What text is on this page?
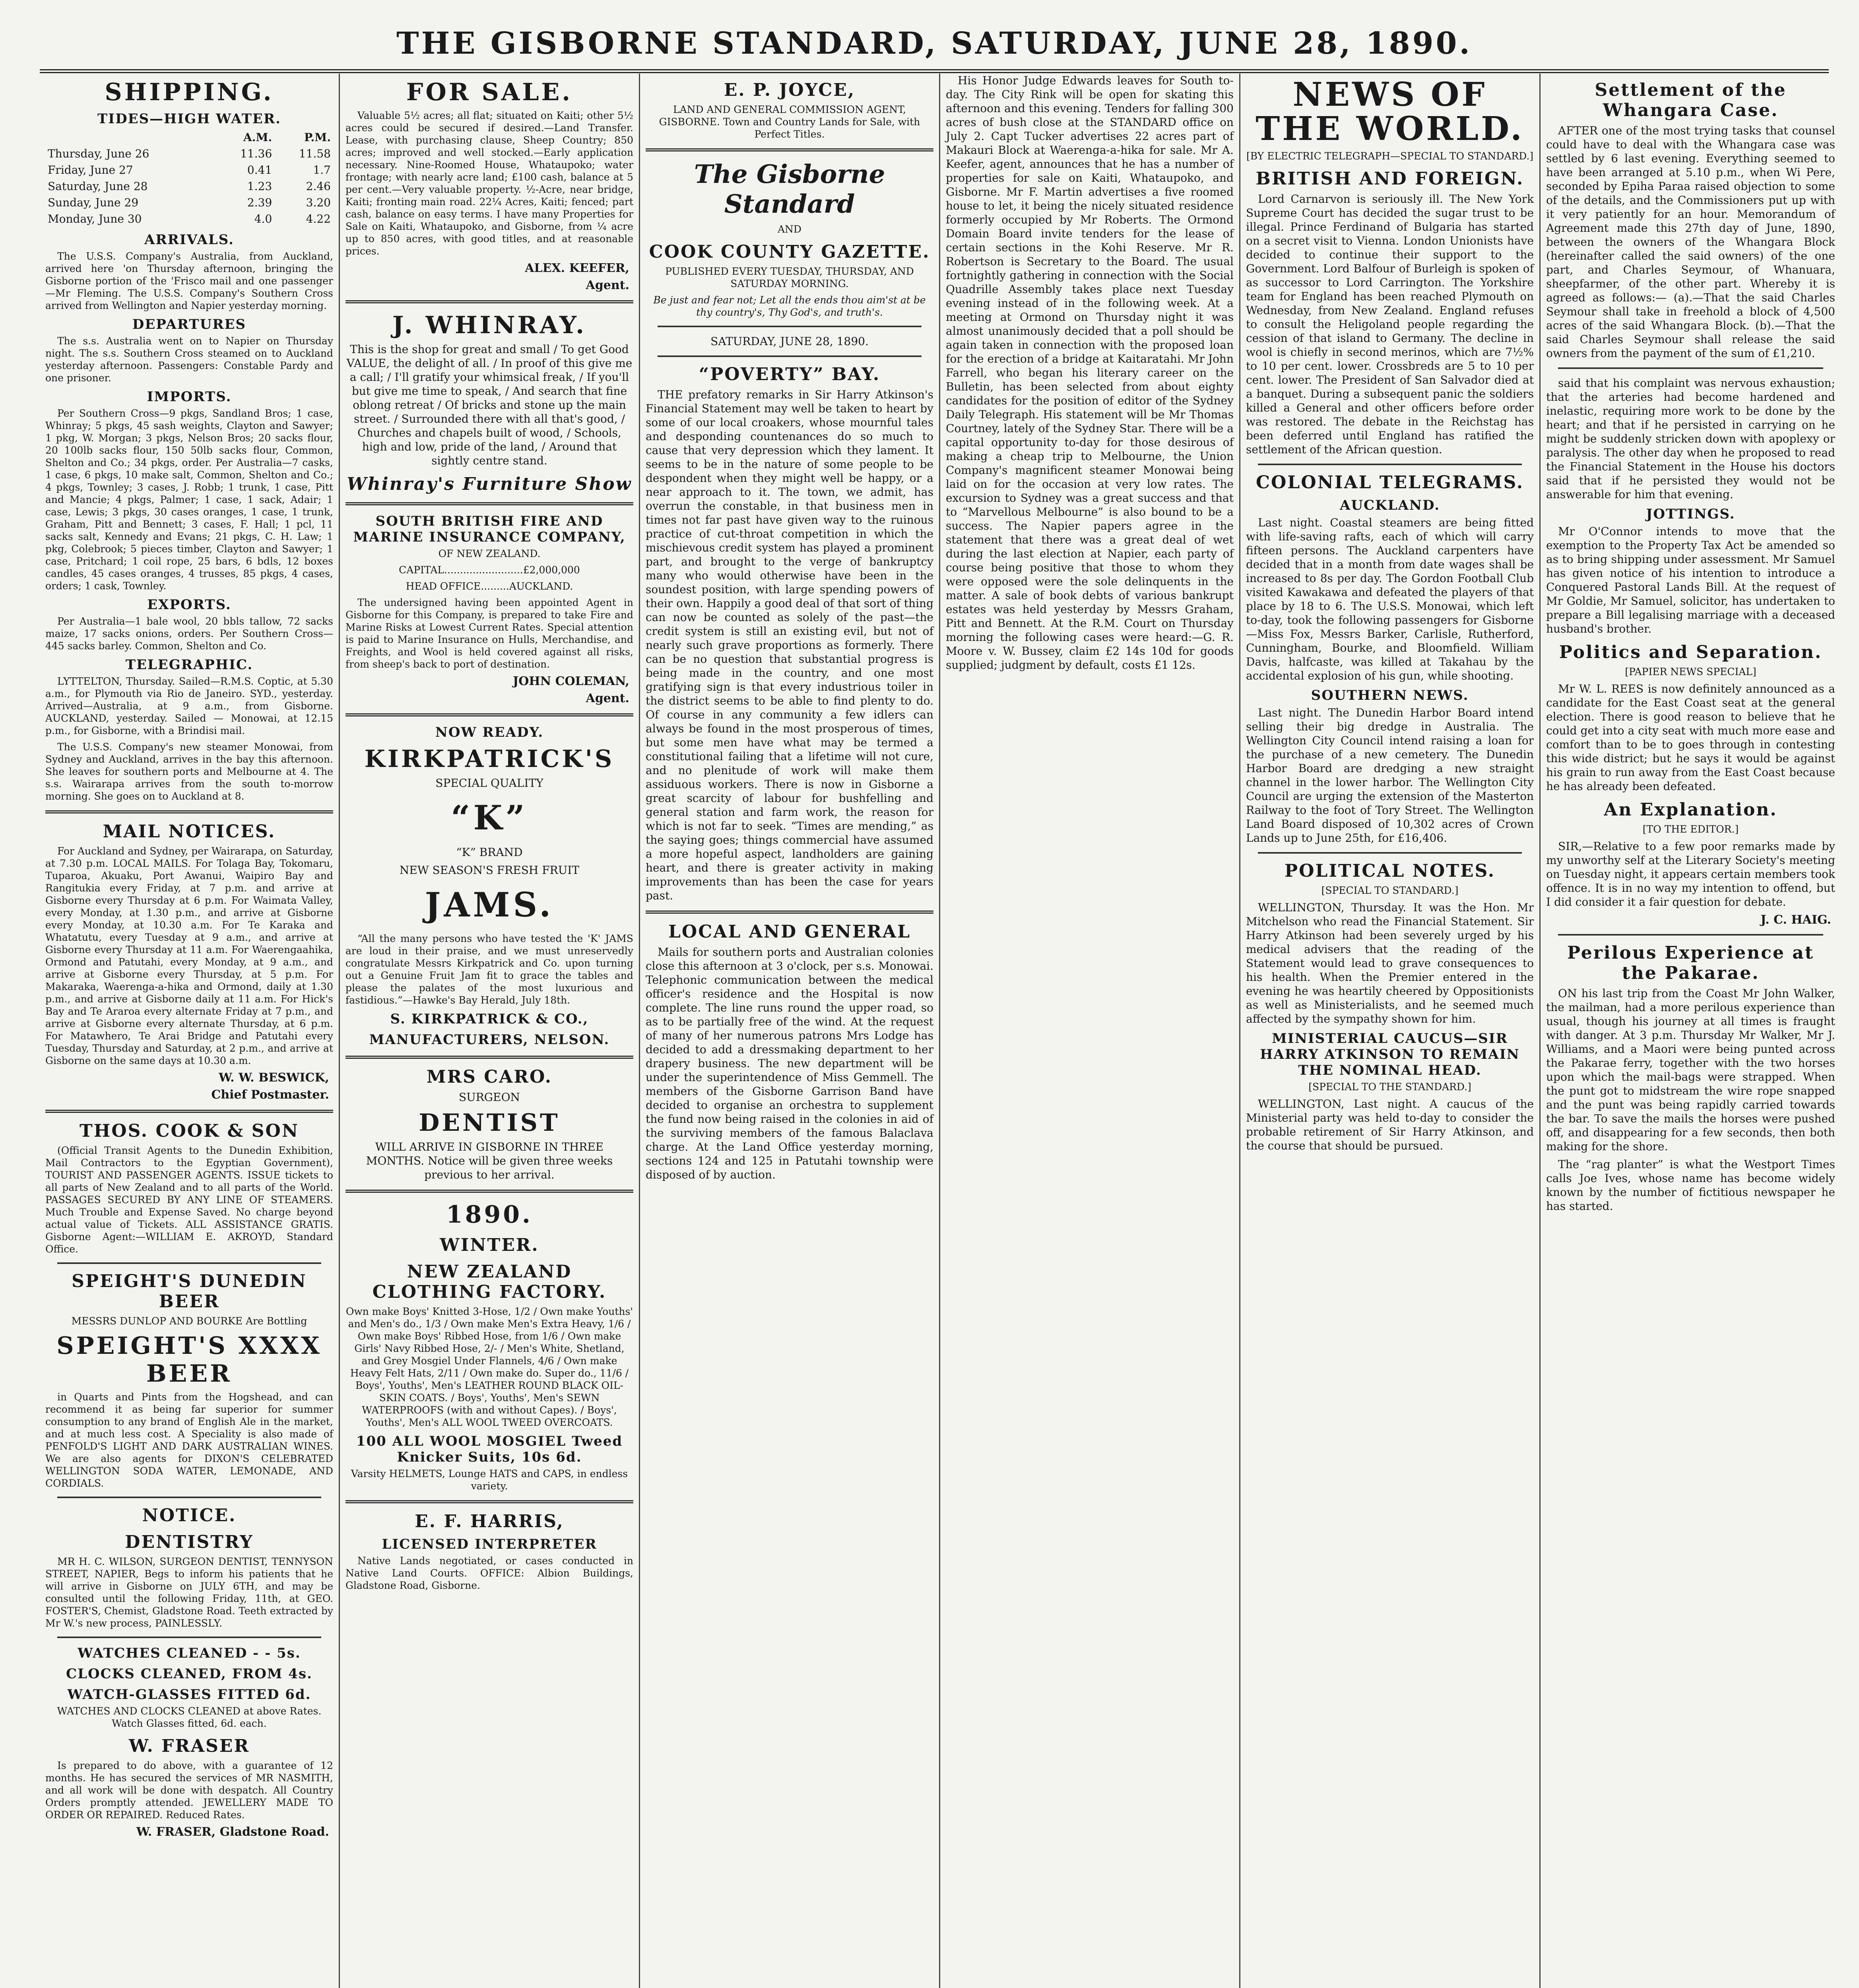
THE GISBORNE STANDARD, SATURDAY, JUNE 28, 1890.
SHIPPING.
TIDES—HIGH WATER.
	A.M.	P.M.
Thursday, June 26	11.36	11.58
Friday, June 27	0.41	1.7
Saturday, June 28	1.23	2.46
Sunday, June 29	2.39	3.20
Monday, June 30	4.0	4.22
ARRIVALS.

The U.S.S. Company's Australia, from Auckland, arrived here 'on Thursday afternoon, bringing the Gisborne portion of the 'Frisco mail and one passenger—Mr Fleming. The U.S.S. Company's Southern Cross arrived from Wellington and Napier yesterday morning.

DEPARTURES

The s.s. Australia went on to Napier on Thursday night. The s.s. Southern Cross steamed on to Auckland yesterday afternoon. Passengers: Constable Pardy and one prisoner.

IMPORTS.

Per Southern Cross—9 pkgs, Sandland Bros; 1 case, Whinray; 5 pkgs, 45 sash weights, Clayton and Sawyer; 1 pkg, W. Morgan; 3 pkgs, Nelson Bros; 20 sacks flour, 20 100lb sacks flour, 150 50lb sacks flour, Common, Shelton and Co.; 34 pkgs, order. Per Australia—7 casks, 1 case, 6 pkgs, 10 make salt, Common, Shelton and Co.; 4 pkgs, Townley; 3 cases, J. Robb; 1 trunk, 1 case, Pitt and Mancie; 4 pkgs, Palmer; 1 case, 1 sack, Adair; 1 case, Lewis; 3 pkgs, 30 cases oranges, 1 case, 1 trunk, Graham, Pitt and Bennett; 3 cases, F. Hall; 1 pcl, 11 sacks salt, Kennedy and Evans; 21 pkgs, C. H. Law; 1 pkg, Colebrook; 5 pieces timber, Clayton and Sawyer; 1 case, Pritchard; 1 coil rope, 25 bars, 6 bdls, 12 boxes candles, 45 cases oranges, 4 trusses, 85 pkgs, 4 cases, orders; 1 cask, Townley.

EXPORTS.

Per Australia—1 bale wool, 20 bbls tallow, 72 sacks maize, 17 sacks onions, orders. Per Southern Cross—445 sacks barley. Common, Shelton and Co.

TELEGRAPHIC.

LYTTELTON, Thursday. Sailed—R.M.S. Coptic, at 5.30 a.m., for Plymouth via Rio de Janeiro. SYD., yesterday. Arrived—Australia, at 9 a.m., from Gisborne. AUCKLAND, yesterday. Sailed — Monowai, at 12.15 p.m., for Gisborne, with a Brindisi mail.

The U.S.S. Company's new steamer Monowai, from Sydney and Auckland, arrives in the bay this afternoon. She leaves for southern ports and Melbourne at 4. The s.s. Wairarapa arrives from the south to-morrow morning. She goes on to Auckland at 8.

MAIL NOTICES.

For Auckland and Sydney, per Wairarapa, on Saturday, at 7.30 p.m. LOCAL MAILS. For Tolaga Bay, Tokomaru, Tuparoa, Akuaku, Port Awanui, Waipiro Bay and Rangitukia every Friday, at 7 p.m. and arrive at Gisborne every Thursday at 6 p.m. For Waimata Valley, every Monday, at 1.30 p.m., and arrive at Gisborne every Monday, at 10.30 a.m. For Te Karaka and Whatatutu, every Tuesday at 9 a.m., and arrive at Gisborne every Thursday at 11 a.m. For Waerengaahika, Ormond and Patutahi, every Monday, at 9 a.m., and arrive at Gisborne every Thursday, at 5 p.m. For Makaraka, Waerenga-a-hika and Ormond, daily at 1.30 p.m., and arrive at Gisborne daily at 11 a.m. For Hick's Bay and Te Araroa every alternate Friday at 7 p.m., and arrive at Gisborne every alternate Thursday, at 6 p.m. For Matawhero, Te Arai Bridge and Patutahi every Tuesday, Thursday and Saturday, at 2 p.m., and arrive at Gisborne on the same days at 10.30 a.m.

W. W. BESWICK,
Chief Postmaster.
THOS. COOK & SON

(Official Transit Agents to the Dunedin Exhibition, Mail Contractors to the Egyptian Government), TOURIST AND PASSENGER AGENTS. ISSUE tickets to all parts of New Zealand and to all parts of the World. PASSAGES SECURED BY ANY LINE OF STEAMERS. Much Trouble and Expense Saved. No charge beyond actual value of Tickets. ALL ASSISTANCE GRATIS. Gisborne Agent:—WILLIAM E. AKROYD, Standard Office.

SPEIGHT'S DUNEDIN BEER

MESSRS DUNLOP AND BOURKE Are Bottling

SPEIGHT'S XXXX BEER

in Quarts and Pints from the Hogshead, and can recommend it as being far superior for summer consumption to any brand of English Ale in the market, and at much less cost. A Speciality is also made of PENFOLD'S LIGHT AND DARK AUSTRALIAN WINES. We are also agents for DIXON'S CELEBRATED WELLINGTON SODA WATER, LEMONADE, AND CORDIALS.

NOTICE.
DENTISTRY

MR H. C. WILSON, SURGEON DENTIST, TENNYSON STREET, NAPIER, Begs to inform his patients that he will arrive in Gisborne on JULY 6TH, and may be consulted until the following Friday, 11th, at GEO. FOSTER'S, Chemist, Gladstone Road. Teeth extracted by Mr W.'s new process, PAINLESSLY.

WATCHES CLEANED - - 5s.
CLOCKS CLEANED, FROM 4s.
WATCH-GLASSES FITTED 6d.

WATCHES AND CLOCKS CLEANED at above Rates. Watch Glasses fitted, 6d. each.

W. FRASER

Is prepared to do above, with a guarantee of 12 months. He has secured the services of MR NASMITH, and all work will be done with despatch. All Country Orders promptly attended. JEWELLERY MADE TO ORDER OR REPAIRED. Reduced Rates.

W. FRASER, Gladstone Road.
FOR SALE.

Valuable 5½ acres; all flat; situated on Kaiti; other 5½ acres could be secured if desired.—Land Transfer. Lease, with purchasing clause, Sheep Country; 850 acres; improved and well stocked.—Early application necessary. Nine-Roomed House, Whataupoko; water frontage; with nearly acre land; £100 cash, balance at 5 per cent.—Very valuable property. ½-Acre, near bridge, Kaiti; fronting main road. 22¼ Acres, Kaiti; fenced; part cash, balance on easy terms. I have many Properties for Sale on Kaiti, Whataupoko, and Gisborne, from ¼ acre up to 850 acres, with good titles, and at reasonable prices.

ALEX. KEEFER,
Agent.
J. WHINRAY.

This is the shop for great and small / To get Good VALUE, the delight of all. / In proof of this give me a call; / I'll gratify your whimsical freak, / If you'll but give me time to speak, / And search that fine oblong retreat / Of bricks and stone up the main street. / Surrounded there with all that's good, / Churches and chapels built of wood, / Schools, high and low, pride of the land, / Around that sightly centre stand.

Whinray's Furniture Show
SOUTH BRITISH FIRE AND MARINE INSURANCE COMPANY,

OF NEW ZEALAND.

CAPITAL.........................£2,000,000

HEAD OFFICE.........AUCKLAND.

The undersigned having been appointed Agent in Gisborne for this Company, is prepared to take Fire and Marine Risks at Lowest Current Rates. Special attention is paid to Marine Insurance on Hulls, Merchandise, and Freights, and Wool is held covered against all risks, from sheep's back to port of destination.

JOHN COLEMAN,
Agent.
NOW READY.
KIRKPATRICK'S

SPECIAL QUALITY

“K”

“K” BRAND

NEW SEASON'S FRESH FRUIT

JAMS.

“All the many persons who have tested the 'K' JAMS are loud in their praise, and we must unreservedly congratulate Messrs Kirkpatrick and Co. upon turning out a Genuine Fruit Jam fit to grace the tables and please the palates of the most luxurious and fastidious.”—Hawke's Bay Herald, July 18th.

S. KIRKPATRICK & CO.,
MANUFACTURERS, NELSON.
MRS CARO.

SURGEON

DENTIST

WILL ARRIVE IN GISBORNE IN THREE MONTHS. Notice will be given three weeks previous to her arrival.

1890.
WINTER.
NEW ZEALAND CLOTHING FACTORY.

Own make Boys' Knitted 3-Hose, 1/2 / Own make Youths' and Men's do., 1/3 / Own make Men's Extra Heavy, 1/6 / Own make Boys' Ribbed Hose, from 1/6 / Own make Girls' Navy Ribbed Hose, 2/- / Men's White, Shetland, and Grey Mosgiel Under Flannels, 4/6 / Own make Heavy Felt Hats, 2/11 / Own make do. Super do., 11/6 / Boys', Youths', Men's LEATHER ROUND BLACK OIL-SKIN COATS. / Boys', Youths', Men's SEWN WATERPROOFS (with and without Capes). / Boys', Youths', Men's ALL WOOL TWEED OVERCOATS.

100 ALL WOOL MOSGIEL Tweed Knicker Suits, 10s 6d.

Varsity HELMETS, Lounge HATS and CAPS, in endless variety.

E. F. HARRIS,
LICENSED INTERPRETER

Native Lands negotiated, or cases conducted in Native Land Courts. OFFICE: Albion Buildings, Gladstone Road, Gisborne.

E. P. JOYCE,

LAND AND GENERAL COMMISSION AGENT, GISBORNE. Town and Country Lands for Sale, with Perfect Titles.

The Gisborne Standard

AND

COOK COUNTY GAZETTE.

PUBLISHED EVERY TUESDAY, THURSDAY, AND SATURDAY MORNING.

Be just and fear not; Let all the ends thou aim'st at be thy country's, Thy God's, and truth's.

SATURDAY, JUNE 28, 1890.

“POVERTY” BAY.

THE prefatory remarks in Sir Harry Atkinson's Financial Statement may well be taken to heart by some of our local croakers, whose mournful tales and desponding countenances do so much to cause that very depression which they lament. It seems to be in the nature of some people to be despondent when they might well be happy, or a near approach to it. The town, we admit, has overrun the constable, in that business men in times not far past have given way to the ruinous practice of cut-throat competition in which the mischievous credit system has played a prominent part, and brought to the verge of bankruptcy many who would otherwise have been in the soundest position, with large spending powers of their own. Happily a good deal of that sort of thing can now be counted as solely of the past—the credit system is still an existing evil, but not of nearly such grave proportions as formerly. There can be no question that substantial progress is being made in the country, and one most gratifying sign is that every industrious toiler in the district seems to be able to find plenty to do. Of course in any community a few idlers can always be found in the most prosperous of times, but some men have what may be termed a constitutional failing that a lifetime will not cure, and no plenitude of work will make them assiduous workers. There is now in Gisborne a great scarcity of labour for bushfelling and general station and farm work, the reason for which is not far to seek. “Times are mending,” as the saying goes; things commercial have assumed a more hopeful aspect, landholders are gaining heart, and there is greater activity in making improvements than has been the case for years past.

LOCAL AND GENERAL

Mails for southern ports and Australian colonies close this afternoon at 3 o'clock, per s.s. Monowai. Telephonic communication between the medical officer's residence and the Hospital is now complete. The line runs round the upper road, so as to be partially free of the wind. At the request of many of her numerous patrons Mrs Lodge has decided to add a dressmaking department to her drapery business. The new department will be under the superintendence of Miss Gemmell. The members of the Gisborne Garrison Band have decided to organise an orchestra to supplement the fund now being raised in the colonies in aid of the surviving members of the famous Balaclava charge. At the Land Office yesterday morning, sections 124 and 125 in Patutahi township were disposed of by auction.

His Honor Judge Edwards leaves for South to-day. The City Rink will be open for skating this afternoon and this evening. Tenders for falling 300 acres of bush close at the STANDARD office on July 2. Capt Tucker advertises 22 acres part of Makauri Block at Waerenga-a-hika for sale. Mr A. Keefer, agent, announces that he has a number of properties for sale on Kaiti, Whataupoko, and Gisborne. Mr F. Martin advertises a five roomed house to let, it being the nicely situated residence formerly occupied by Mr Roberts. The Ormond Domain Board invite tenders for the lease of certain sections in the Kohi Reserve. Mr R. Robertson is Secretary to the Board. The usual fortnightly gathering in connection with the Social Quadrille Assembly takes place next Tuesday evening instead of in the following week. At a meeting at Ormond on Thursday night it was almost unanimously decided that a poll should be again taken in connection with the proposed loan for the erection of a bridge at Kaitaratahi. Mr John Farrell, who began his literary career on the Bulletin, has been selected from about eighty candidates for the position of editor of the Sydney Daily Telegraph. His statement will be Mr Thomas Courtney, lately of the Sydney Star. There will be a capital opportunity to-day for those desirous of making a cheap trip to Melbourne, the Union Company's magnificent steamer Monowai being laid on for the occasion at very low rates. The excursion to Sydney was a great success and that to “Marvellous Melbourne” is also bound to be a success. The Napier papers agree in the statement that there was a great deal of wet during the last election at Napier, each party of course being positive that those to whom they were opposed were the sole delinquents in the matter. A sale of book debts of various bankrupt estates was held yesterday by Messrs Graham, Pitt and Bennett. At the R.M. Court on Thursday morning the following cases were heard:—G. R. Moore v. W. Bussey, claim £2 14s 10d for goods supplied; judgment by default, costs £1 12s.

NEWS OF THE WORLD.

[BY ELECTRIC TELEGRAPH—SPECIAL TO STANDARD.]

BRITISH AND FOREIGN.

Lord Carnarvon is seriously ill. The New York Supreme Court has decided the sugar trust to be illegal. Prince Ferdinand of Bulgaria has started on a secret visit to Vienna. London Unionists have decided to continue their support to the Government. Lord Balfour of Burleigh is spoken of as successor to Lord Carrington. The Yorkshire team for England has been reached Plymouth on Wednesday, from New Zealand. England refuses to consult the Heligoland people regarding the cession of that island to Germany. The decline in wool is chiefly in second merinos, which are 7½% to 10 per cent. lower. Crossbreds are 5 to 10 per cent. lower. The President of San Salvador died at a banquet. During a subsequent panic the soldiers killed a General and other officers before order was restored. The debate in the Reichstag has been deferred until England has ratified the settlement of the African question.

COLONIAL TELEGRAMS.
AUCKLAND.

Last night. Coastal steamers are being fitted with life-saving rafts, each of which will carry fifteen persons. The Auckland carpenters have decided that in a month from date wages shall be increased to 8s per day. The Gordon Football Club visited Kawakawa and defeated the players of that place by 18 to 6. The U.S.S. Monowai, which left to-day, took the following passengers for Gisborne—Miss Fox, Messrs Barker, Carlisle, Rutherford, Cunningham, Bourke, and Bloomfield. William Davis, halfcaste, was killed at Takahau by the accidental explosion of his gun, while shooting.

SOUTHERN NEWS.

Last night. The Dunedin Harbor Board intend selling their big dredge in Australia. The Wellington City Council intend raising a loan for the purchase of a new cemetery. The Dunedin Harbor Board are dredging a new straight channel in the lower harbor. The Wellington City Council are urging the extension of the Masterton Railway to the foot of Tory Street. The Wellington Land Board disposed of 10,302 acres of Crown Lands up to June 25th, for £16,406.

POLITICAL NOTES.

[SPECIAL TO STANDARD.]

WELLINGTON, Thursday. It was the Hon. Mr Mitchelson who read the Financial Statement. Sir Harry Atkinson had been severely urged by his medical advisers that the reading of the Statement would lead to grave consequences to his health. When the Premier entered in the evening he was heartily cheered by Oppositionists as well as Ministerialists, and he seemed much affected by the sympathy shown for him.

MINISTERIAL CAUCUS—SIR HARRY ATKINSON TO REMAIN THE NOMINAL HEAD.

[SPECIAL TO THE STANDARD.]

WELLINGTON, Last night. A caucus of the Ministerial party was held to-day to consider the probable retirement of Sir Harry Atkinson, and the course that should be pursued.

Settlement of the Whangara Case.

AFTER one of the most trying tasks that counsel could have to deal with the Whangara case was settled by 6 last evening. Everything seemed to have been arranged at 5.10 p.m., when Wi Pere, seconded by Epiha Paraa raised objection to some of the details, and the Commissioners put up with it very patiently for an hour. Memorandum of Agreement made this 27th day of June, 1890, between the owners of the Whangara Block (hereinafter called the said owners) of the one part, and Charles Seymour, of Whanuara, sheepfarmer, of the other part. Whereby it is agreed as follows:— (a).—That the said Charles Seymour shall take in freehold a block of 4,500 acres of the said Whangara Block. (b).—That the said Charles Seymour shall release the said owners from the payment of the sum of £1,210.

said that his complaint was nervous exhaustion; that the arteries had become hardened and inelastic, requiring more work to be done by the heart; and that if he persisted in carrying on he might be suddenly stricken down with apoplexy or paralysis. The other day when he proposed to read the Financial Statement in the House his doctors said that if he persisted they would not be answerable for him that evening.

JOTTINGS.

Mr O'Connor intends to move that the exemption to the Property Tax Act be amended so as to bring shipping under assessment. Mr Samuel has given notice of his intention to introduce a Conquered Pastoral Lands Bill. At the request of Mr Goldie, Mr Samuel, solicitor, has undertaken to prepare a Bill legalising marriage with a deceased husband's brother.

Politics and Separation.

[PAPIER NEWS SPECIAL]

Mr W. L. REES is now definitely announced as a candidate for the East Coast seat at the general election. There is good reason to believe that he could get into a city seat with much more ease and comfort than to be to goes through in contesting this wide district; but he says it would be against his grain to run away from the East Coast because he has already been defeated.

An Explanation.

[TO THE EDITOR.]

SIR,—Relative to a few poor remarks made by my unworthy self at the Literary Society's meeting on Tuesday night, it appears certain members took offence. It is in no way my intention to offend, but I did consider it a fair question for debate.

J. C. HAIG.
Perilous Experience at the Pakarae.

ON his last trip from the Coast Mr John Walker, the mailman, had a more perilous experience than usual, though his journey at all times is fraught with danger. At 3 p.m. Thursday Mr Walker, Mr J. Williams, and a Maori were being punted across the Pakarae ferry, together with the two horses upon which the mail-bags were strapped. When the punt got to midstream the wire rope snapped and the punt was being rapidly carried towards the bar. To save the mails the horses were pushed off, and disappearing for a few seconds, then both making for the shore.

The “rag planter” is what the Westport Times calls Joe Ives, whose name has become widely known by the number of fictitious newspaper he has started.
